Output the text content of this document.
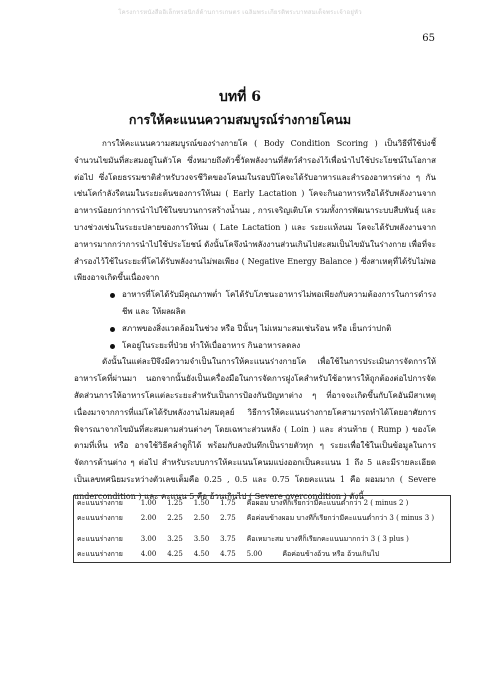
โครงการหนังสืออิเล็กทรอนิกส์ด้านการเกษตร เฉลิมพระเกียรติพระบาทสมเด็จพระเจ้าอยู่หัว
65
บทที่ 6
การให้คะแนนความสมบูรณ์ร่างกายโคนม

การให้คะแนนความสมบูรณ์ของร่างกายโค ( Body Condition Scoring ) เป็นวิธีที่ใช้บ่งชี้จำนวนไขมันที่สะสมอยู่ในตัวโค ซึ่งหมายถึงตัวชี้วัดพลังงานที่สัตว์สำรองไว้เพื่อนำไปใช้ประโยชน์ในโอกาสต่อไป ซึ่งโดยธรรมชาติสำหรับวงจรชีวิตของโคนมในรอบปีโคจะได้รับอาหารและสำรองอาหารต่าง ๆ กัน เช่นโคกำลังรีดนมในระยะต้นของการให้นม ( Early Lactation ) โคจะกินอาหารหรือได้รับพลังงานจากอาหารน้อยกว่าการนำไปใช้ในขบวนการสร้างน้ำนม , การเจริญเติบโต รวมทั้งการพัฒนาระบบสืบพันธุ์ และบางช่วงเช่นในระยะปลายของการให้นม ( Late Lactation ) และ ระยะแห้งนม โคจะได้รับพลังงานจากอาหารมากกว่าการนำไปใช้ประโยชน์ ดังนั้นโคจึงนำพลังงานส่วนเกินไปสะสมเป็นไขมันในร่างกาย เพื่อที่จะสำรองไว้ใช้ในระยะที่โคได้รับพลังงานไม่พอเพียง ( Negative Energy Balance ) ซึ่งสาเหตุที่ได้รับไม่พอเพียงอาจเกิดขึ้นเนื่องจาก

อาหารที่โคได้รับมีคุณภาพต่ำ โคได้รับโภชนะอาหารไม่พอเพียงกับความต้องการในการดำรงชีพ และ ให้ผลผลิต
สภาพของสิ่งแวดล้อมในช่วง หรือ ปีนั้นๆ ไม่เหมาะสมเช่นร้อน หรือ เย็นกว่าปกติ
โคอยู่ในระยะที่ป่วย ทำให้เบื่ออาหาร กินอาหารลดลง

ดังนั้นในแต่ละปีจึงมีความจำเป็นในการให้คะแนนร่างกายโค เพื่อใช้ในการประเมินการจัดการให้อาหารโคที่ผ่านมา นอกจากนั้นยังเป็นเครื่องมือในการจัดการฝูงโคสำหรับใช้อาหารให้ถูกต้องต่อไปการจัดสัดส่วนการให้อาหารโคแต่ละระยะสำหรับเป็นการป้องกันปัญหาต่าง ๆ ที่อาจจะเกิดขึ้นกับโคอันมีสาเหตุเนื่องมาจากการที่แม่โคได้รับพลังงานไม่สมดุลย์ วิธีการให้คะแนนร่างกายโคสามารถทำได้โดยอาศัยการพิจารณาจากไขมันที่สะสมตามส่วนต่างๆ โดยเฉพาะส่วนหลัง ( Loin ) และ ส่วนท้าย ( Rump ) ของโค ตามที่เห็น หรือ อาจใช้วิธีคลำดูก็ได้ พร้อมกับลงบันทึกเป็นรายตัวทุก ๆ ระยะเพื่อใช้ในเป็นข้อมูลในการจัดการด้านต่าง ๆ ต่อไป สำหรับระบบการให้คะแนนโคนมแบ่งออกเป็นคะแนน 1 ถึง 5 และมีรายละเอียดเป็นเลขทศนิยมระหว่างตัวเลขเต็มคือ 0.25 , 0.5 และ 0.75 โดยคะแนน 1 คือ ผอมมาก ( Severe undercondition ) และ คะแนน 5 คือ อ้วนเกินไป ( Severe overcondition ) ดังนี้

คะแนนร่างกาย	1.00	1.25	1.50	1.75	คือผอม บางทีก็เรียกว่ามีคะแนนต่ำกว่า 2 ( minus 2 )	
คะแนนร่างกาย	2.00	2.25	2.50	2.75	คือค่อนข้างผอม บางทีก็เรียกว่ามีคะแนนต่ำกว่า 3 ( minus 3 )	

คะแนนร่างกาย	3.00	3.25	3.50	3.75	คือเหมาะสม บางทีก็เรียกคะแนนมากกว่า 3 ( 3 plus )	
คะแนนร่างกาย	4.00	4.25	4.50	4.75	5.00	คือค่อนข้างอ้วน หรือ อ้วนเกินไป
